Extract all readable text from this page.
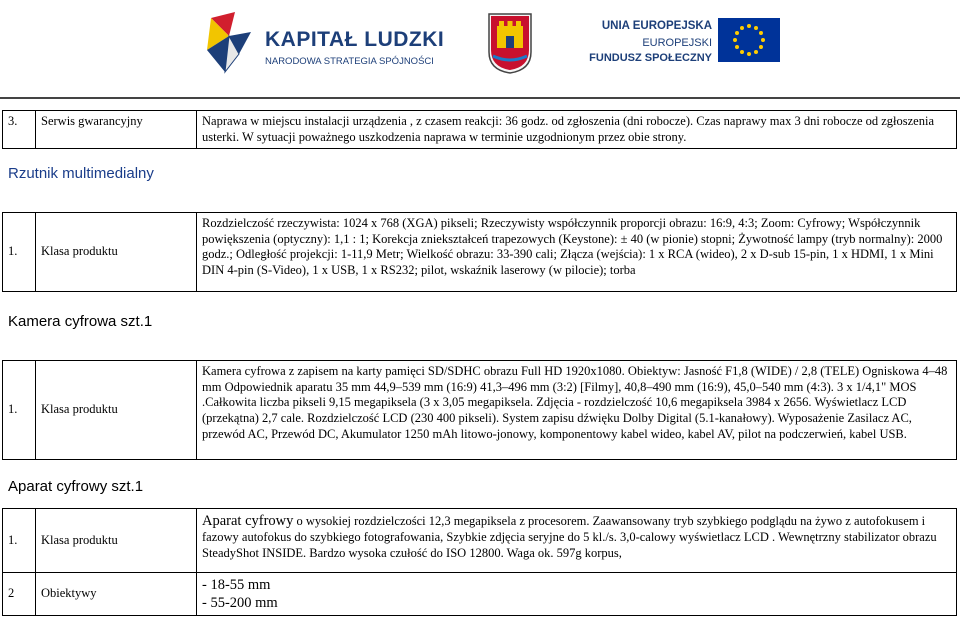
KAPITAŁ LUDZKI
NARODOWA STRATEGIA SPÓJNOŚCI
UNIA EUROPEJSKA
EUROPEJSKI
FUNDUSZ SPOŁECZNY
3.	Serwis gwarancyjny	Naprawa w miejscu instalacji urządzenia , z czasem reakcji: 36 godz. od zgłoszenia (dni robocze). Czas naprawy max 3 dni robocze od zgłoszenia usterki. W sytuacji poważnego uszkodzenia naprawa w terminie uzgodnionym przez obie strony.
Rzutnik multimedialny
1.	Klasa produktu	Rozdzielczość rzeczywista: 1024 x 768 (XGA) pikseli; Rzeczywisty współczynnik proporcji obrazu: 16:9, 4:3; Zoom: Cyfrowy; Współczynnik powiększenia (optyczny): 1,1 : 1; Korekcja zniekształceń trapezowych (Keystone): ± 40 (w pionie) stopni; Żywotność lampy (tryb normalny): 2000 godz.; Odległość projekcji: 1-11,9 Metr; Wielkość obrazu: 33-390 cali; Złącza (wejścia): 1 x RCA (wideo), 2 x D-sub 15-pin, 1 x HDMI, 1 x Mini DIN 4-pin (S-Video), 1 x USB, 1 x RS232; pilot, wskaźnik laserowy (w pilocie); torba
Kamera cyfrowa szt.1
1.	Klasa produktu	Kamera cyfrowa z zapisem na karty pamięci SD/SDHC obrazu Full HD 1920x1080. Obiektyw: Jasność F1,8 (WIDE) / 2,8 (TELE) Ogniskowa 4–48 mm Odpowiednik aparatu 35 mm 44,9–539 mm (16:9) 41,3–496 mm (3:2) [Filmy], 40,8–490 mm (16:9), 45,0–540 mm (4:3). 3 x 1/4,1" MOS .Całkowita liczba pikseli 9,15 megapiksela (3 x 3,05 megapiksela. Zdjęcia - rozdzielczość 10,6 megapiksela 3984 x 2656. Wyświetlacz LCD (przekątna) 2,7 cale. Rozdzielczość LCD (230 400 pikseli). System zapisu dźwięku Dolby Digital (5.1-kanałowy). Wyposażenie Zasilacz AC, przewód AC, Przewód DC, Akumulator 1250 mAh litowo-jonowy, komponentowy kabel wideo, kabel AV, pilot na podczerwień, kabel USB.
Aparat cyfrowy szt.1
1.	Klasa produktu	Aparat cyfrowy o wysokiej rozdzielczości 12,3 megapiksela z procesorem. Zaawansowany tryb szybkiego podglądu na żywo z autofokusem i fazowy autofokus do szybkiego fotografowania, Szybkie zdjęcia seryjne do 5 kl./s. 3,0-calowy wyświetlacz LCD . Wewnętrzny stabilizator obrazu SteadyShot INSIDE. Bardzo wysoka czułość do ISO 12800. Waga ok. 597g korpus,
2	Obiektywy	- 18-55 mm
- 55-200 mm
